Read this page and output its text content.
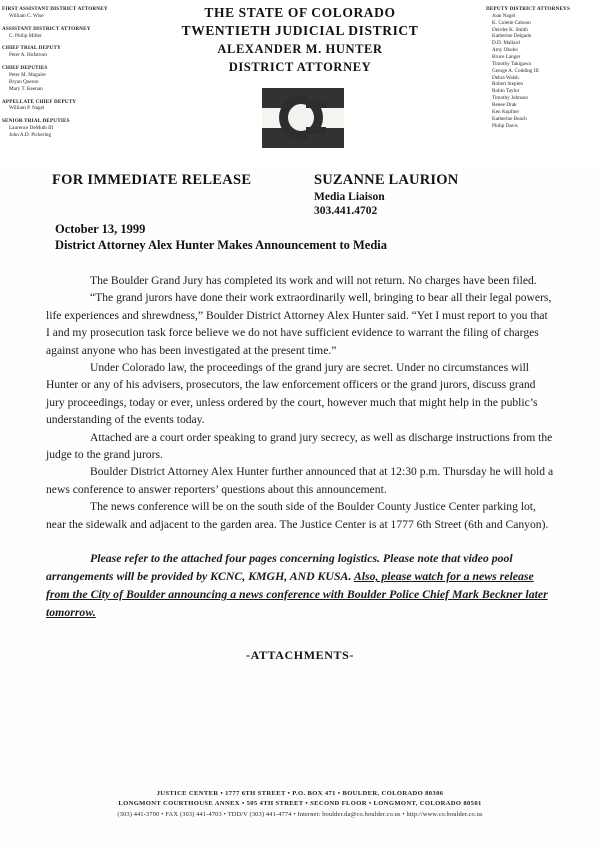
FIRST ASSISTANT DISTRICT ATTORNEY
William C. Wise
ASSISTANT DISTRICT ATTORNEY
C. Philip Miller
CHIEF TRIAL DEPUTY
Peter A. Hofstrom
CHIEF DEPUTIES
Peter M. Maguire
Bryan Queron
Mary T. Keenan
APPELLATE CHIEF DEPUTY
William P. Nagel
SENIOR TRIAL DEPUTIES
Laurence DeMuth III
John A.D. Pickering
THE STATE OF COLORADO
TWENTIETH JUDICIAL DISTRICT
ALEXANDER M. HUNTER
DISTRICT ATTORNEY
DEPUTY DISTRICT ATTORNEYS
Joan Nagel
K. Colette Cahoon
Deirdre K. Smith
Katherine Delgado
D.D. Mallard
Amy Okubo
Bruce Langer
Timothy Takigawa
George A. Codding III
Debra Walsh
Robert Stepien
Robin Taylor
Timothy Johnson
Renee Drak
Ken Kupfner
Katherine Beach
Philip Davis
FOR IMMEDIATE RELEASE	SUZANNE LAURION
Media Liaison
303.441.4702
October 13, 1999
District Attorney Alex Hunter Makes Announcement to Media

The Boulder Grand Jury has completed its work and will not return. No charges have been filed.

“The grand jurors have done their work extraordinarily well, bringing to bear all their legal powers, life experiences and shrewdness,” Boulder District Attorney Alex Hunter said. “Yet I must report to you that I and my prosecution task force believe we do not have sufficient evidence to warrant the filing of charges against anyone who has been investigated at the present time.”

Under Colorado law, the proceedings of the grand jury are secret. Under no circumstances will Hunter or any of his advisers, prosecutors, the law enforcement officers or the grand jurors, discuss grand jury proceedings, today or ever, unless ordered by the court, however much that might help in the public’s understanding of the events today.

Attached are a court order speaking to grand jury secrecy, as well as discharge instructions from the judge to the grand jurors.

Boulder District Attorney Alex Hunter further announced that at 12:30 p.m. Thursday he will hold a news conference to answer reporters’ questions about this announcement.

The news conference will be on the south side of the Boulder County Justice Center parking lot, near the sidewalk and adjacent to the garden area. The Justice Center is at 1777 6th Street (6th and Canyon).

Please refer to the attached four pages concerning logistics. Please note that video pool arrangements will be provided by KCNC, KMGH, AND KUSA. Also, please watch for a news release from the City of Boulder announcing a news conference with Boulder Police Chief Mark Beckner later tomorrow.

-ATTACHMENTS-
JUSTICE CENTER • 1777 6TH STREET • P.O. BOX 471 • BOULDER, COLORADO 80306
LONGMONT COURTHOUSE ANNEX • 505 4TH STREET • SECOND FLOOR • LONGMONT, COLORADO 80501
(303) 441-3700 • FAX (303) 441-4703 • TDD/V (303) 441-4774 • Internet: boulder.da@co.boulder.co.us • http://www.co.boulder.co.us
